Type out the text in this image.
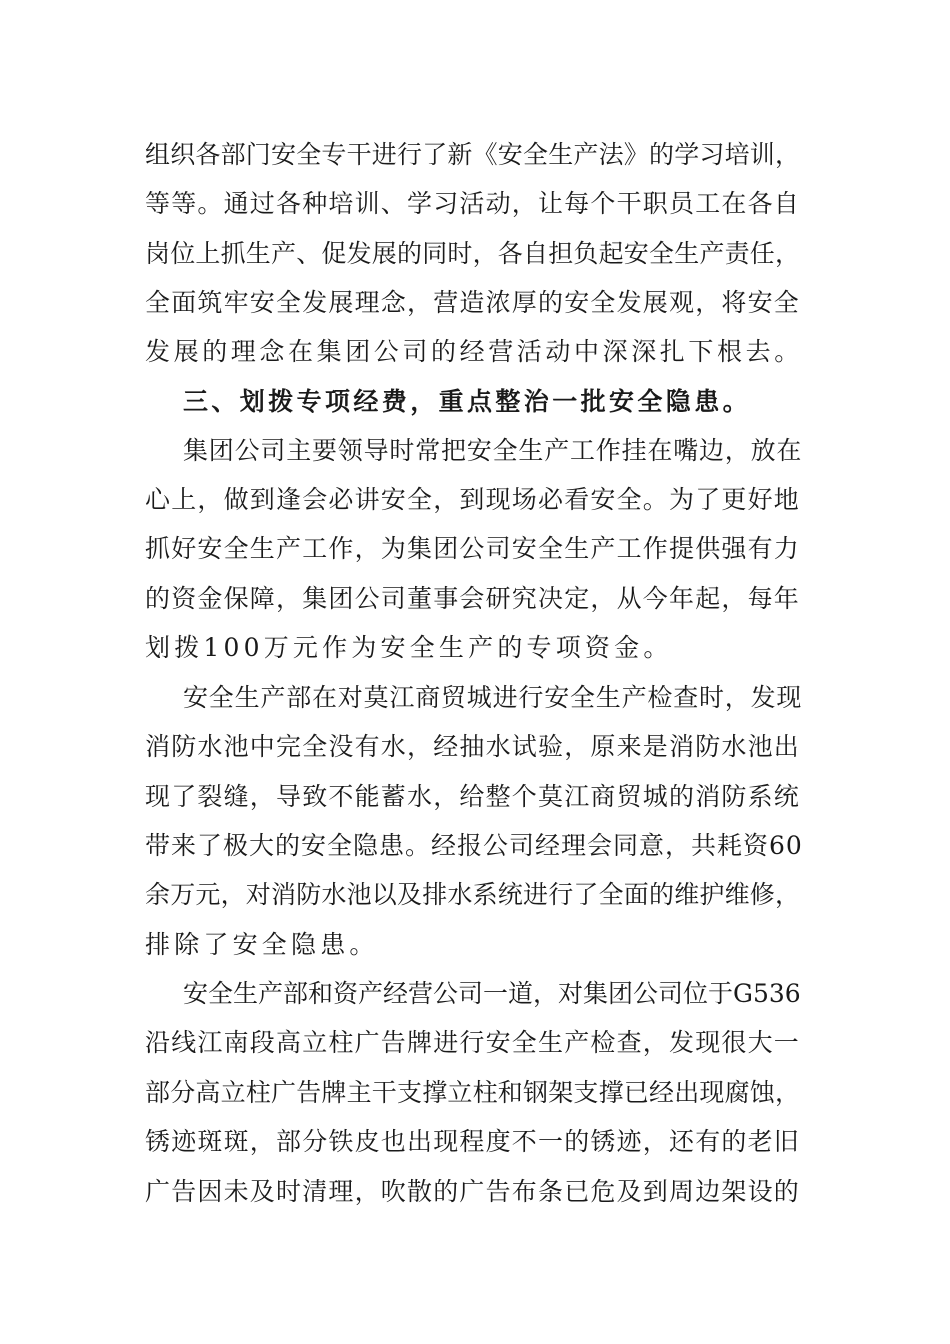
组织各部门安全专干进行了新《安全生产法》的学习培训，
等等。通过各种培训、学习活动，让每个干职员工在各自
岗位上抓生产、促发展的同时，各自担负起安全生产责任，
全面筑牢安全发展理念，营造浓厚的安全发展观，将安全
发展的理念在集团公司的经营活动中深深扎下根去。
三、划拨专项经费，重点整治一批安全隐患。
集团公司主要领导时常把安全生产工作挂在嘴边，放在
心上，做到逢会必讲安全，到现场必看安全。为了更好地
抓好安全生产工作，为集团公司安全生产工作提供强有力
的资金保障，集团公司董事会研究决定，从今年起，每年
划拨100万元作为安全生产的专项资金。
安全生产部在对莫江商贸城进行安全生产检查时，发现
消防水池中完全没有水，经抽水试验，原来是消防水池出
现了裂缝，导致不能蓄水，给整个莫江商贸城的消防系统
带来了极大的安全隐患。经报公司经理会同意，共耗资60
余万元，对消防水池以及排水系统进行了全面的维护维修，
排除了安全隐患。
安全生产部和资产经营公司一道，对集团公司位于G536
沿线江南段高立柱广告牌进行安全生产检查，发现很大一
部分高立柱广告牌主干支撑立柱和钢架支撑已经出现腐蚀，
锈迹斑斑，部分铁皮也出现程度不一的锈迹，还有的老旧
广告因未及时清理，吹散的广告布条已危及到周边架设的
